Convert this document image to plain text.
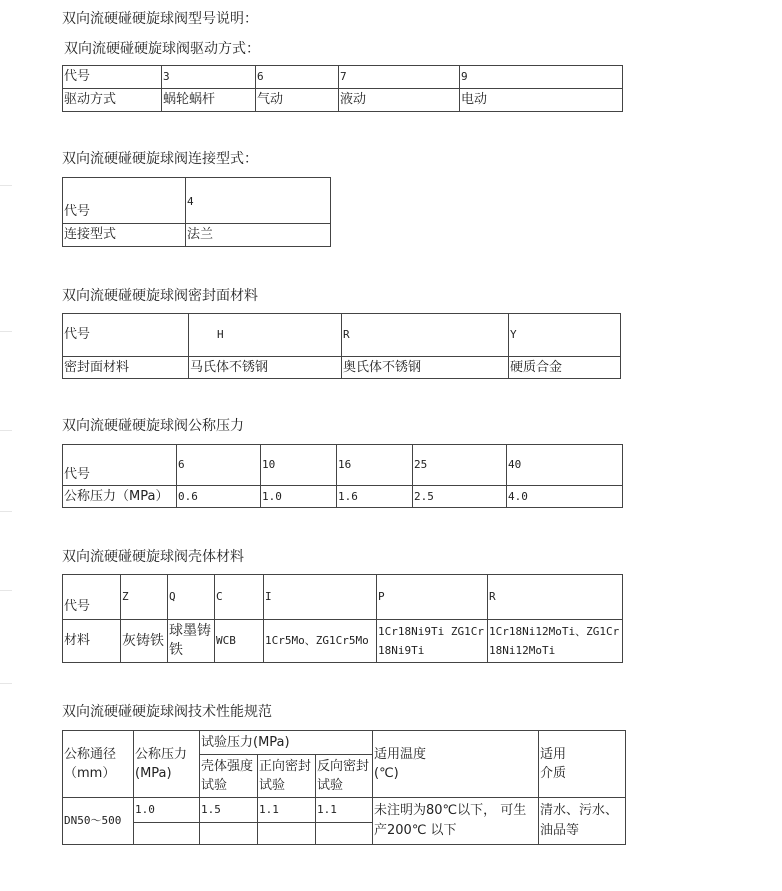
双向流硬碰硬旋球阀型号说明：
双向流硬碰硬旋球阀驱动方式：
代号	3	6	7	9
驱动方式	蜗轮蜗杆	气动	液动	电动
双向流硬碰硬旋球阀连接型式：
代号	4
连接型式	法兰
双向流硬碰硬旋球阀密封面材料
代号	H	R	Y
密封面材料	马氏体不锈钢	奥氏体不锈钢	硬质合金
双向流硬碰硬旋球阀公称压力
代号	6	10	16	25	40
公称压力（MPa）	0.6	1.0	1.6	2.5	4.0
双向流硬碰硬旋球阀壳体材料
代号	Z	Q	C	I	P	R
材料	灰铸铁	球墨铸铁	WCB	1Cr5Mo、ZG1Cr5Mo	1Cr18Ni9Ti ZG1Cr18Ni9Ti	1Cr18Ni12MoTi、ZG1Cr18Ni12MoTi
双向流硬碰硬旋球阀技术性能规范
公称通径（mm）	公称压力(MPa)	试验压力(MPa)			适用温度(℃)	适用介质
		壳体强度试验	正向密封试验	反向密封试验		
DN50～500	1.0	1.5	1.1	1.1	未注明为80℃以下， 可生产200℃ 以下	清水、污水、油品等
